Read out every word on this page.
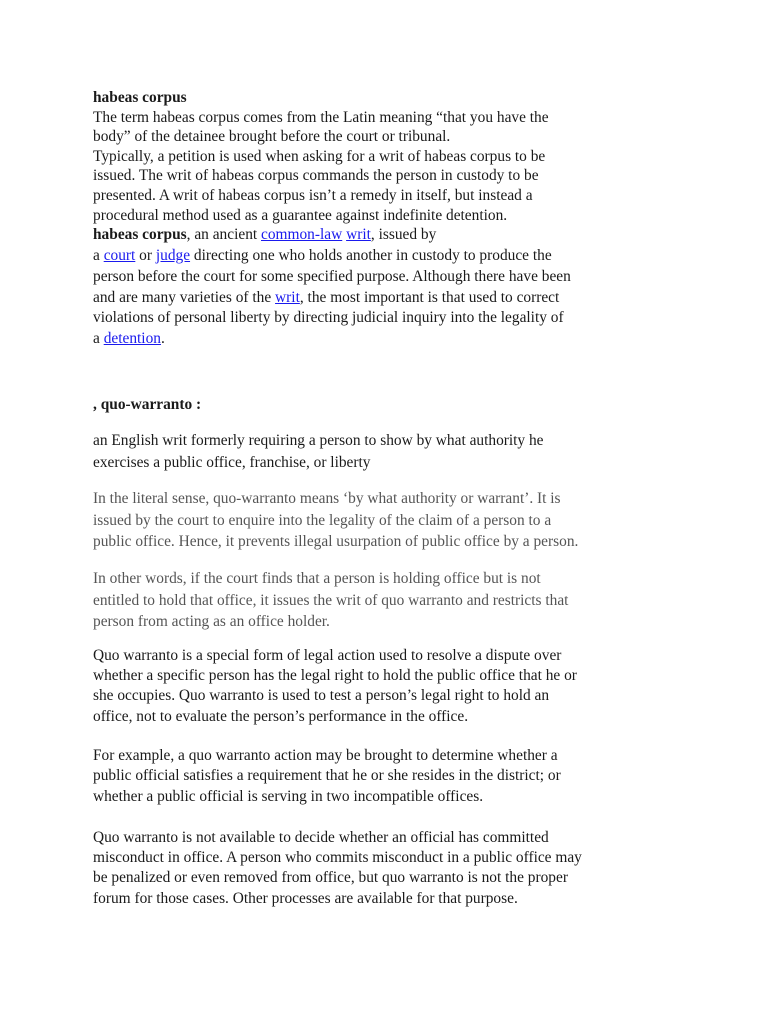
habeas corpus
The term habeas corpus comes from the Latin meaning “that you have the
body” of the detainee brought before the court or tribunal.
Typically, a petition is used when asking for a writ of habeas corpus to be
issued. The writ of habeas corpus commands the person in custody to be
presented. A writ of habeas corpus isn’t a remedy in itself, but instead a
procedural method used as a guarantee against indefinite detention.
habeas corpus, an ancient common-law writ, issued by
a court or judge directing one who holds another in custody to produce the
person before the court for some specified purpose. Although there have been
and are many varieties of the writ, the most important is that used to correct
violations of personal liberty by directing judicial inquiry into the legality of
a detention.
, quo-warranto :
an English writ formerly requiring a person to show by what authority he
exercises a public office, franchise, or liberty
In the literal sense, quo-warranto means ‘by what authority or warrant’. It is
issued by the court to enquire into the legality of the claim of a person to a
public office. Hence, it prevents illegal usurpation of public office by a person.
In other words, if the court finds that a person is holding office but is not
entitled to hold that office, it issues the writ of quo warranto and restricts that
person from acting as an office holder.
Quo warranto is a special form of legal action used to resolve a dispute over
whether a specific person has the legal right to hold the public office that he or
she occupies. Quo warranto is used to test a person’s legal right to hold an
office, not to evaluate the person’s performance in the office.
For example, a quo warranto action may be brought to determine whether a
public official satisfies a requirement that he or she resides in the district; or
whether a public official is serving in two incompatible offices.
Quo warranto is not available to decide whether an official has committed
misconduct in office. A person who commits misconduct in a public office may
be penalized or even removed from office, but quo warranto is not the proper
forum for those cases. Other processes are available for that purpose.
